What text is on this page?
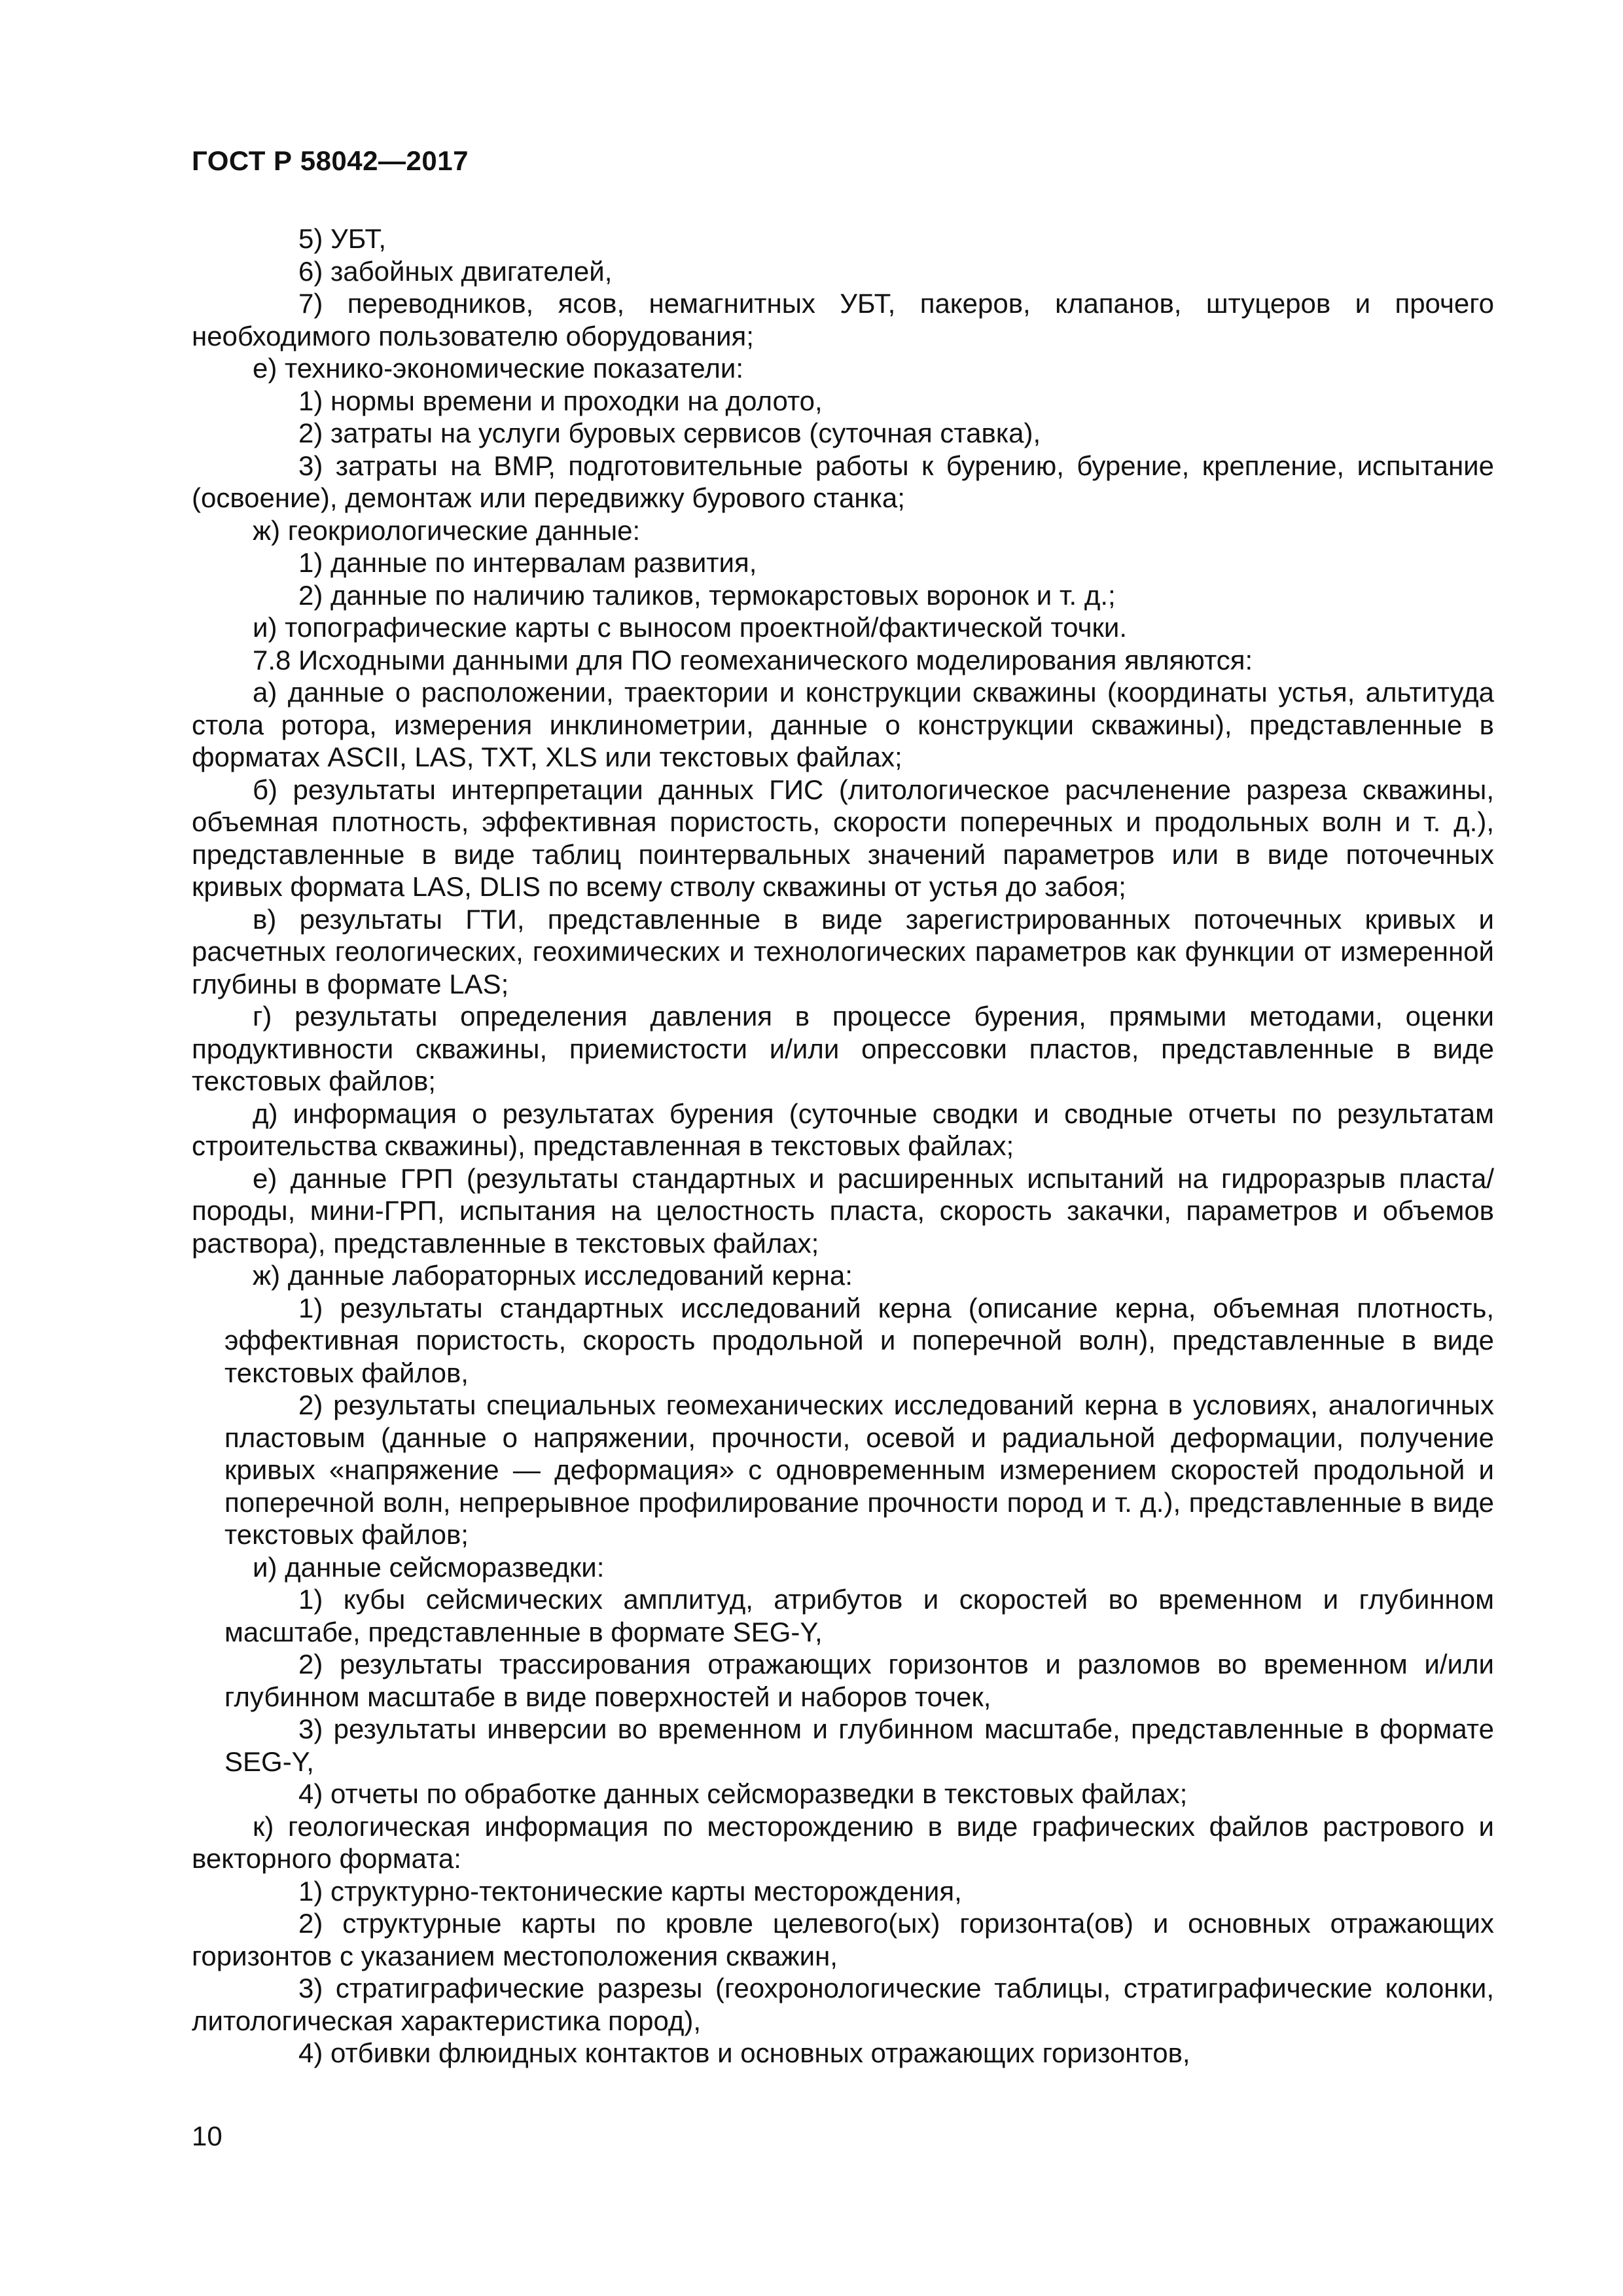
ГОСТ Р 58042—2017

5) УБТ,

6) забойных двигателей,

7) переводников, ясов, немагнитных УБТ, пакеров, клапанов, штуцеров и прочего необходимого пользователю оборудования;

е) технико-экономические показатели:

1) нормы времени и проходки на долото,

2) затраты на услуги буровых сервисов (суточная ставка),

3) затраты на ВМР, подготовительные работы к бурению, бурение, крепление, испытание (освоение), демонтаж или передвижку бурового станка;

ж) геокриологические данные:

1) данные по интервалам развития,

2) данные по наличию таликов, термокарстовых воронок и т. д.;

и) топографические карты с выносом проектной/фактической точки.

7.8 Исходными данными для ПО геомеханического моделирования являются:

а) данные о расположении, траектории и конструкции скважины (координаты устья, альтитуда стола ротора, измерения инклинометрии, данные о конструкции скважины), представленные в форматах ASCII, LAS, TXT, XLS или текстовых файлах;

б) результаты интерпретации данных ГИС (литологическое расчленение разреза скважины, объемная плотность, эффективная пористость, скорости поперечных и продольных волн и т. д.), представленные в виде таблиц поинтервальных значений параметров или в виде поточечных кривых формата LAS, DLIS по всему стволу скважины от устья до забоя;

в) результаты ГТИ, представленные в виде зарегистрированных поточечных кривых и расчетных геологических, геохимических и технологических параметров как функции от измеренной глубины в формате LAS;

г) результаты определения давления в процессе бурения, прямыми методами, оценки продуктивности скважины, приемистости и/или опрессовки пластов, представленные в виде текстовых файлов;

д) информация о результатах бурения (суточные сводки и сводные отчеты по результатам строительства скважины), представленная в текстовых файлах;

е) данные ГРП (результаты стандартных и расширенных испытаний на гидроразрыв пласта/породы, мини-ГРП, испытания на целостность пласта, скорость закачки, параметров и объемов раствора), представленные в текстовых файлах;

ж) данные лабораторных исследований керна:

1) результаты стандартных исследований керна (описание керна, объемная плотность, эффективная пористость, скорость продольной и поперечной волн), представленные в виде текстовых файлов,

2) результаты специальных геомеханических исследований керна в условиях, аналогичных пластовым (данные о напряжении, прочности, осевой и радиальной деформации, получение кривых «напряжение — деформация» с одновременным измерением скоростей продольной и поперечной волн, непрерывное профилирование прочности пород и т. д.), представленные в виде текстовых файлов;

и) данные сейсморазведки:

1) кубы сейсмических амплитуд, атрибутов и скоростей во временном и глубинном масштабе, представленные в формате SEG-Y,

2) результаты трассирования отражающих горизонтов и разломов во временном и/или глубинном масштабе в виде поверхностей и наборов точек,

3) результаты инверсии во временном и глубинном масштабе, представленные в формате SEG-Y,

4) отчеты по обработке данных сейсморазведки в текстовых файлах;

к) геологическая информация по месторождению в виде графических файлов растрового и векторного формата:

1) структурно-тектонические карты месторождения,

2) структурные карты по кровле целевого(ых) горизонта(ов) и основных отражающих горизонтов с указанием местоположения скважин,

3) стратиграфические разрезы (геохронологические таблицы, стратиграфические колонки, литологическая характеристика пород),

4) отбивки флюидных контактов и основных отражающих горизонтов,

10
